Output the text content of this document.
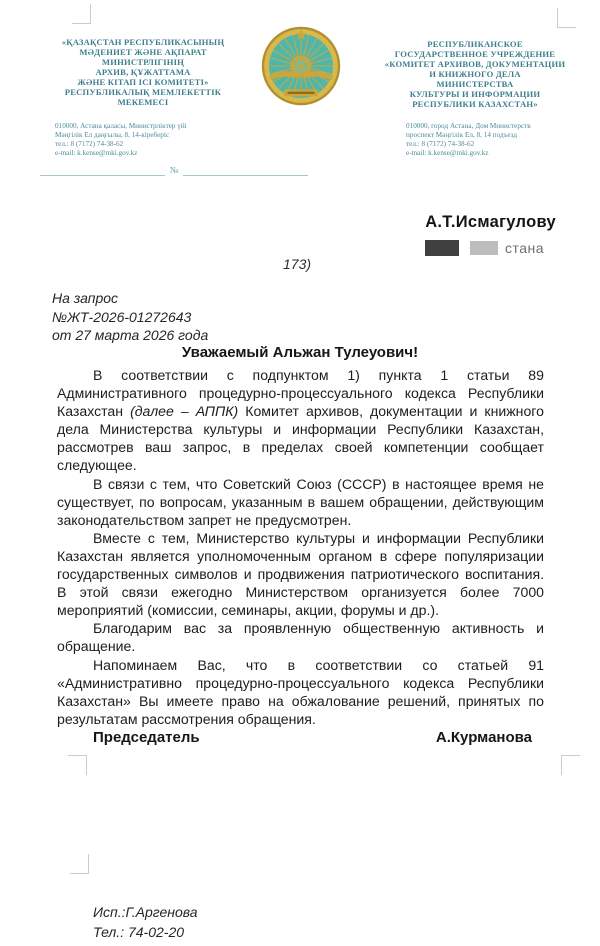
«ҚАЗАҚСТАН РЕСПУБЛИКАСЫНЫҢ
МӘДЕНИЕТ ЖӘНЕ АҚПАРАТ
МИНИСТРЛІГІНІҢ
АРХИВ, ҚҰЖАТТАМА
ЖӘНЕ КІТАП ІСІ КОМИТЕТІ»
РЕСПУБЛИКАЛЫҚ МЕМЛЕКЕТТІК
МЕКЕМЕСІ
РЕСПУБЛИКАНСКОЕ
ГОСУДАРСТВЕННОЕ УЧРЕЖДЕНИЕ
«КОМИТЕТ АРХИВОВ, ДОКУМЕНТАЦИИ
И КНИЖНОГО ДЕЛА
МИНИСТЕРСТВА
КУЛЬТУРЫ И ИНФОРМАЦИИ
РЕСПУБЛИКИ КАЗАХСТАН»
010000, Астана қаласы, Министрліктер үйі
Мәңгілік Ел даңғылы, 8, 14-кіреберіс
тел.: 8 (7172) 74-38-62
e-mail: k.kense@mki.gov.kz
010000, город Астана, Дом Министерств
проспект Мәңгілік Ел, 8, 14 подъезд
тел.: 8 (7172) 74-38-62
e-mail: k.kense@mki.gov.kz
№
А.Т.Исмагулову
стана
173)
На запрос
№ЖТ-2026-01272643
от 27 марта 2026 года
Уважаемый Альжан Тулеуович!

В соответствии с подпунктом 1) пункта 1 статьи 89 Административного процедурно-процессуального кодекса Республики Казахстан (далее – АППК) Комитет архивов, документации и книжного дела Министерства культуры и информации Республики Казахстан, рассмотрев ваш запрос, в пределах своей компетенции сообщает следующее.

В связи с тем, что Советский Союз (СССР) в настоящее время не существует, по вопросам, указанным в вашем обращении, действующим законодательством запрет не предусмотрен.

Вместе с тем, Министерство культуры и информации Республики Казахстан является уполномоченным органом в сфере популяризации государственных символов и продвижения патриотического воспитания. В этой связи ежегодно Министерством организуется более 7000 мероприятий (комиссии, семинары, акции, форумы и др.).

Благодарим вас за проявленную общественную активность и обращение.

Напоминаем Вас, что в соответствии со статьей 91 «Административно процедурно-процессуального кодекса Республики Казахстан» Вы имеете право на обжалование решений, принятых по результатам рассмотрения обращения.

Председатель	А.Курманова
Исп.:Г.Аргенова
Тел.: 74-02-20
